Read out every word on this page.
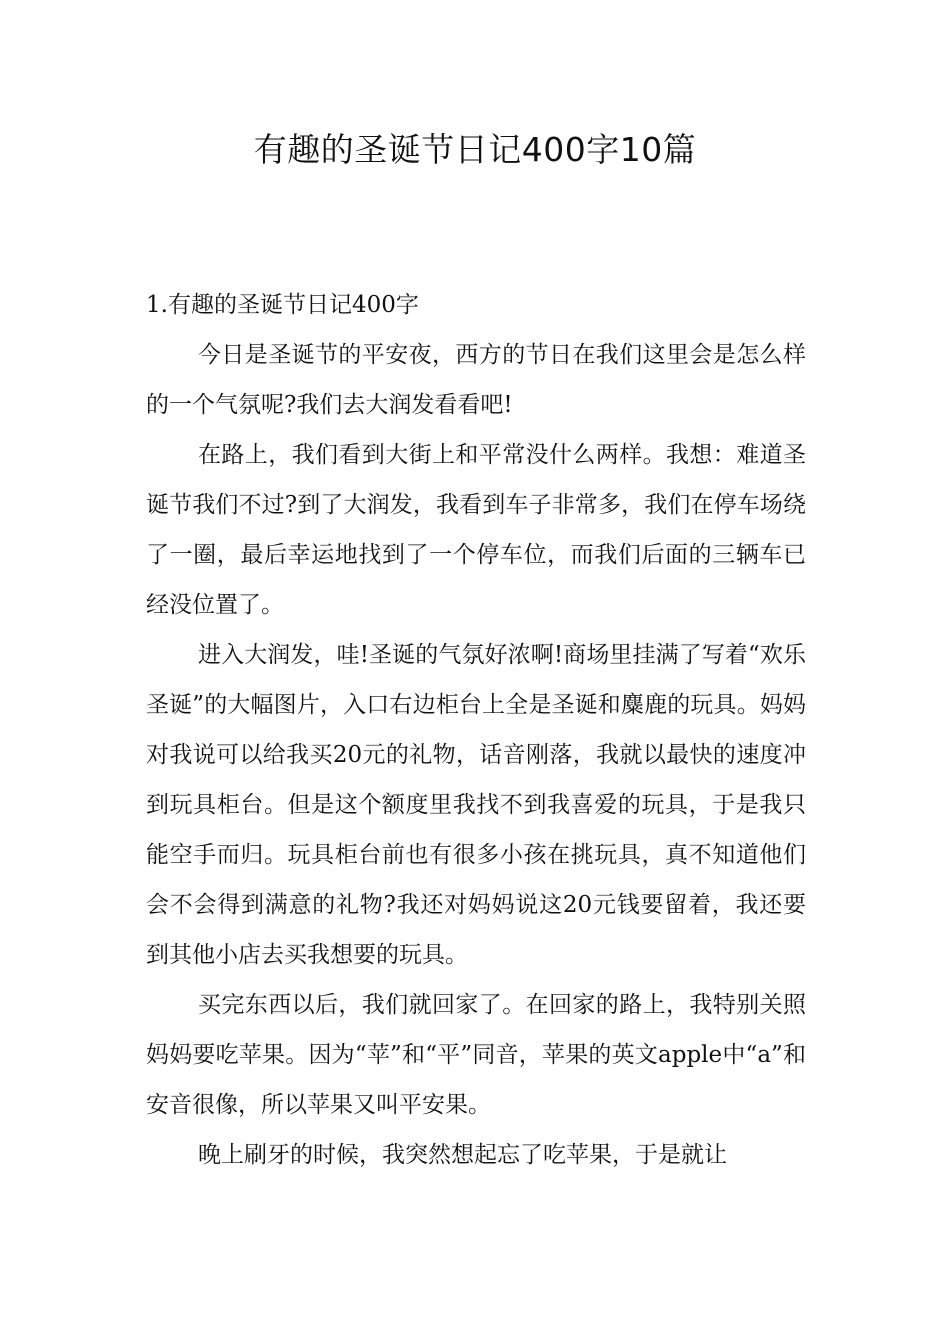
有趣的圣诞节日记400字10篇
1.有趣的圣诞节日记400字

今日是圣诞节的平安夜，西方的节日在我们这里会是怎么样的一个气氛呢?我们去大润发看看吧!

在路上，我们看到大街上和平常没什么两样。我想：难道圣诞节我们不过?到了大润发，我看到车子非常多，我们在停车场绕了一圈，最后幸运地找到了一个停车位，而我们后面的三辆车已经没位置了。

进入大润发，哇!圣诞的气氛好浓啊!商场里挂满了写着“欢乐圣诞”的大幅图片，入口右边柜台上全是圣诞和麋鹿的玩具。妈妈对我说可以给我买20元的礼物，话音刚落，我就以最快的速度冲到玩具柜台。但是这个额度里我找不到我喜爱的玩具，于是我只能空手而归。玩具柜台前也有很多小孩在挑玩具，真不知道他们会不会得到满意的礼物?我还对妈妈说这20元钱要留着，我还要到其他小店去买我想要的玩具。

买完东西以后，我们就回家了。在回家的路上，我特别关照妈妈要吃苹果。因为“苹”和“平”同音，苹果的英文apple中“a”和安音很像，所以苹果又叫平安果。

晚上刷牙的时候，我突然想起忘了吃苹果，于是就让
